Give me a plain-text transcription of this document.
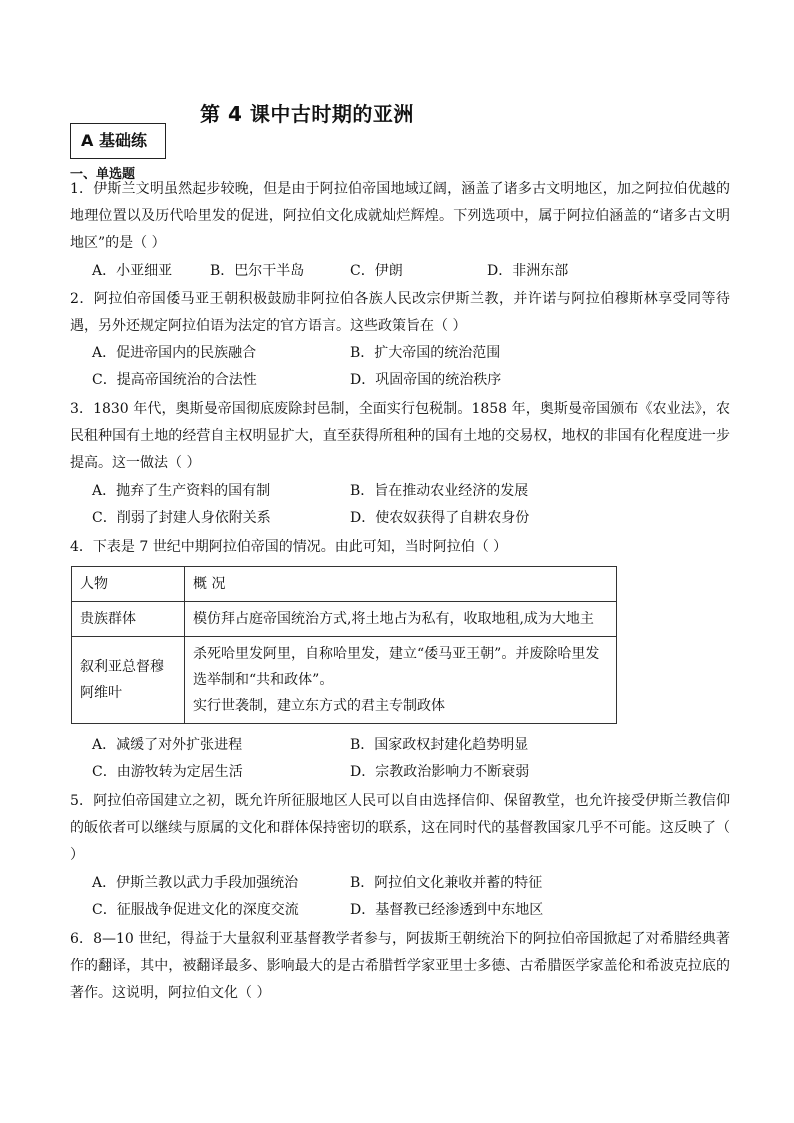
第 4 课中古时期的亚洲
A 基础练
一、单选题
1．伊斯兰文明虽然起步较晚，但是由于阿拉伯帝国地域辽阔，涵盖了诸多古文明地区，加之阿拉伯优越的地理位置以及历代哈里发的促进，阿拉伯文化成就灿烂辉煌。下列选项中，属于阿拉伯涵盖的“诸多古文明地区”的是（ ）
A．小亚细亚	B．巴尔干半岛	C．伊朗	D．非洲东部
2．阿拉伯帝国倭马亚王朝积极鼓励非阿拉伯各族人民改宗伊斯兰教，并许诺与阿拉伯穆斯林享受同等待遇，另外还规定阿拉伯语为法定的官方语言。这些政策旨在（ ）
A．促进帝国内的民族融合	B．扩大帝国的统治范围
C．提高帝国统治的合法性	D．巩固帝国的统治秩序
3．1830 年代，奥斯曼帝国彻底废除封邑制，全面实行包税制。1858 年，奥斯曼帝国颁布《农业法》，农民租种国有土地的经营自主权明显扩大，直至获得所租种的国有土地的交易权，地权的非国有化程度进一步提高。这一做法（ ）
A．抛弃了生产资料的国有制	B．旨在推动农业经济的发展
C．削弱了封建人身依附关系	D．使农奴获得了自耕农身份
4．下表是 7 世纪中期阿拉伯帝国的情况。由此可知，当时阿拉伯（ ）
人物	概 况
贵族群体	模仿拜占庭帝国统治方式,将土地占为私有，收取地租,成为大地主
叙利亚总督穆阿维叶	杀死哈里发阿里，自称哈里发，建立“倭马亚王朝”。并废除哈里发选举制和“共和政体”。
实行世袭制，建立东方式的君主专制政体
A．减缓了对外扩张进程	B．国家政权封建化趋势明显
C．由游牧转为定居生活	D．宗教政治影响力不断衰弱
5．阿拉伯帝国建立之初，既允许所征服地区人民可以自由选择信仰、保留教堂，也允许接受伊斯兰教信仰的皈依者可以继续与原属的文化和群体保持密切的联系，这在同时代的基督教国家几乎不可能。这反映了（ ）
A．伊斯兰教以武力手段加强统治	B．阿拉伯文化兼收并蓄的特征
C．征服战争促进文化的深度交流	D．基督教已经渗透到中东地区
6．8—10 世纪，得益于大量叙利亚基督教学者参与，阿拔斯王朝统治下的阿拉伯帝国掀起了对希腊经典著作的翻译，其中，被翻译最多、影响最大的是古希腊哲学家亚里士多德、古希腊医学家盖伦和希波克拉底的著作。这说明，阿拉伯文化（ ）
